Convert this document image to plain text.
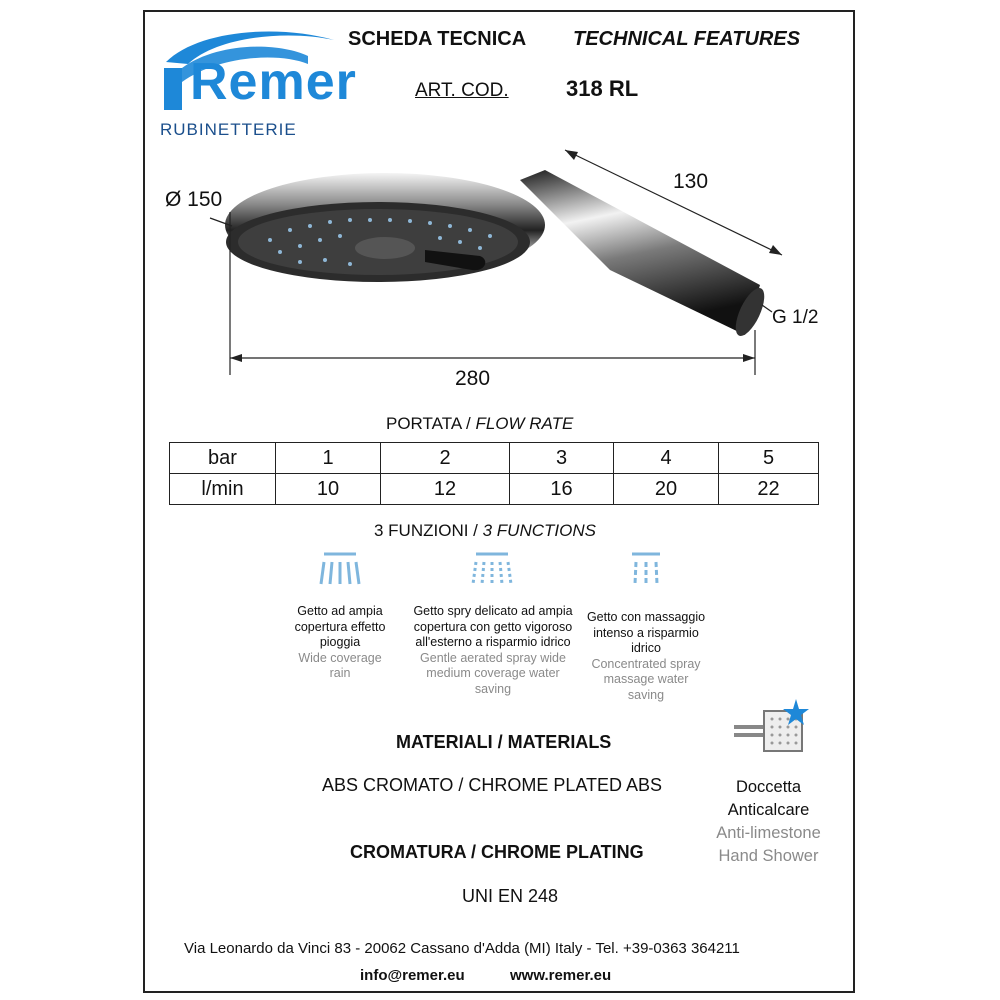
Remer
RUBINETTERIE
SCHEDA TECNICA TECHNICAL FEATURES
ART. COD.	318 RL
Ø 150
130
G 1/2
280
PORTATA / FLOW RATE
bar	1	2	3	4	5
l/min	10	12	16	20	22
3 FUNZIONI / 3 FUNCTIONS
Getto ad ampia
copertura effetto
pioggia
Wide coverage
rain
Getto spry delicato ad ampia
copertura con getto vigoroso
all'esterno a risparmio idrico
Gentle aerated spray wide
medium coverage water
saving
Getto con massaggio
intenso a risparmio
idrico
Concentrated spray
massage water
saving
MATERIALI / MATERIALS
ABS CROMATO / CHROME PLATED ABS
CROMATURA / CHROME PLATING
UNI EN 248
Doccetta
Anticalcare
Anti-limestone
Hand Shower
Via Leonardo da Vinci 83 - 20062 Cassano d'Adda (MI) Italy - Tel. +39-0363 364211
info@remer.eu	www.remer.eu
